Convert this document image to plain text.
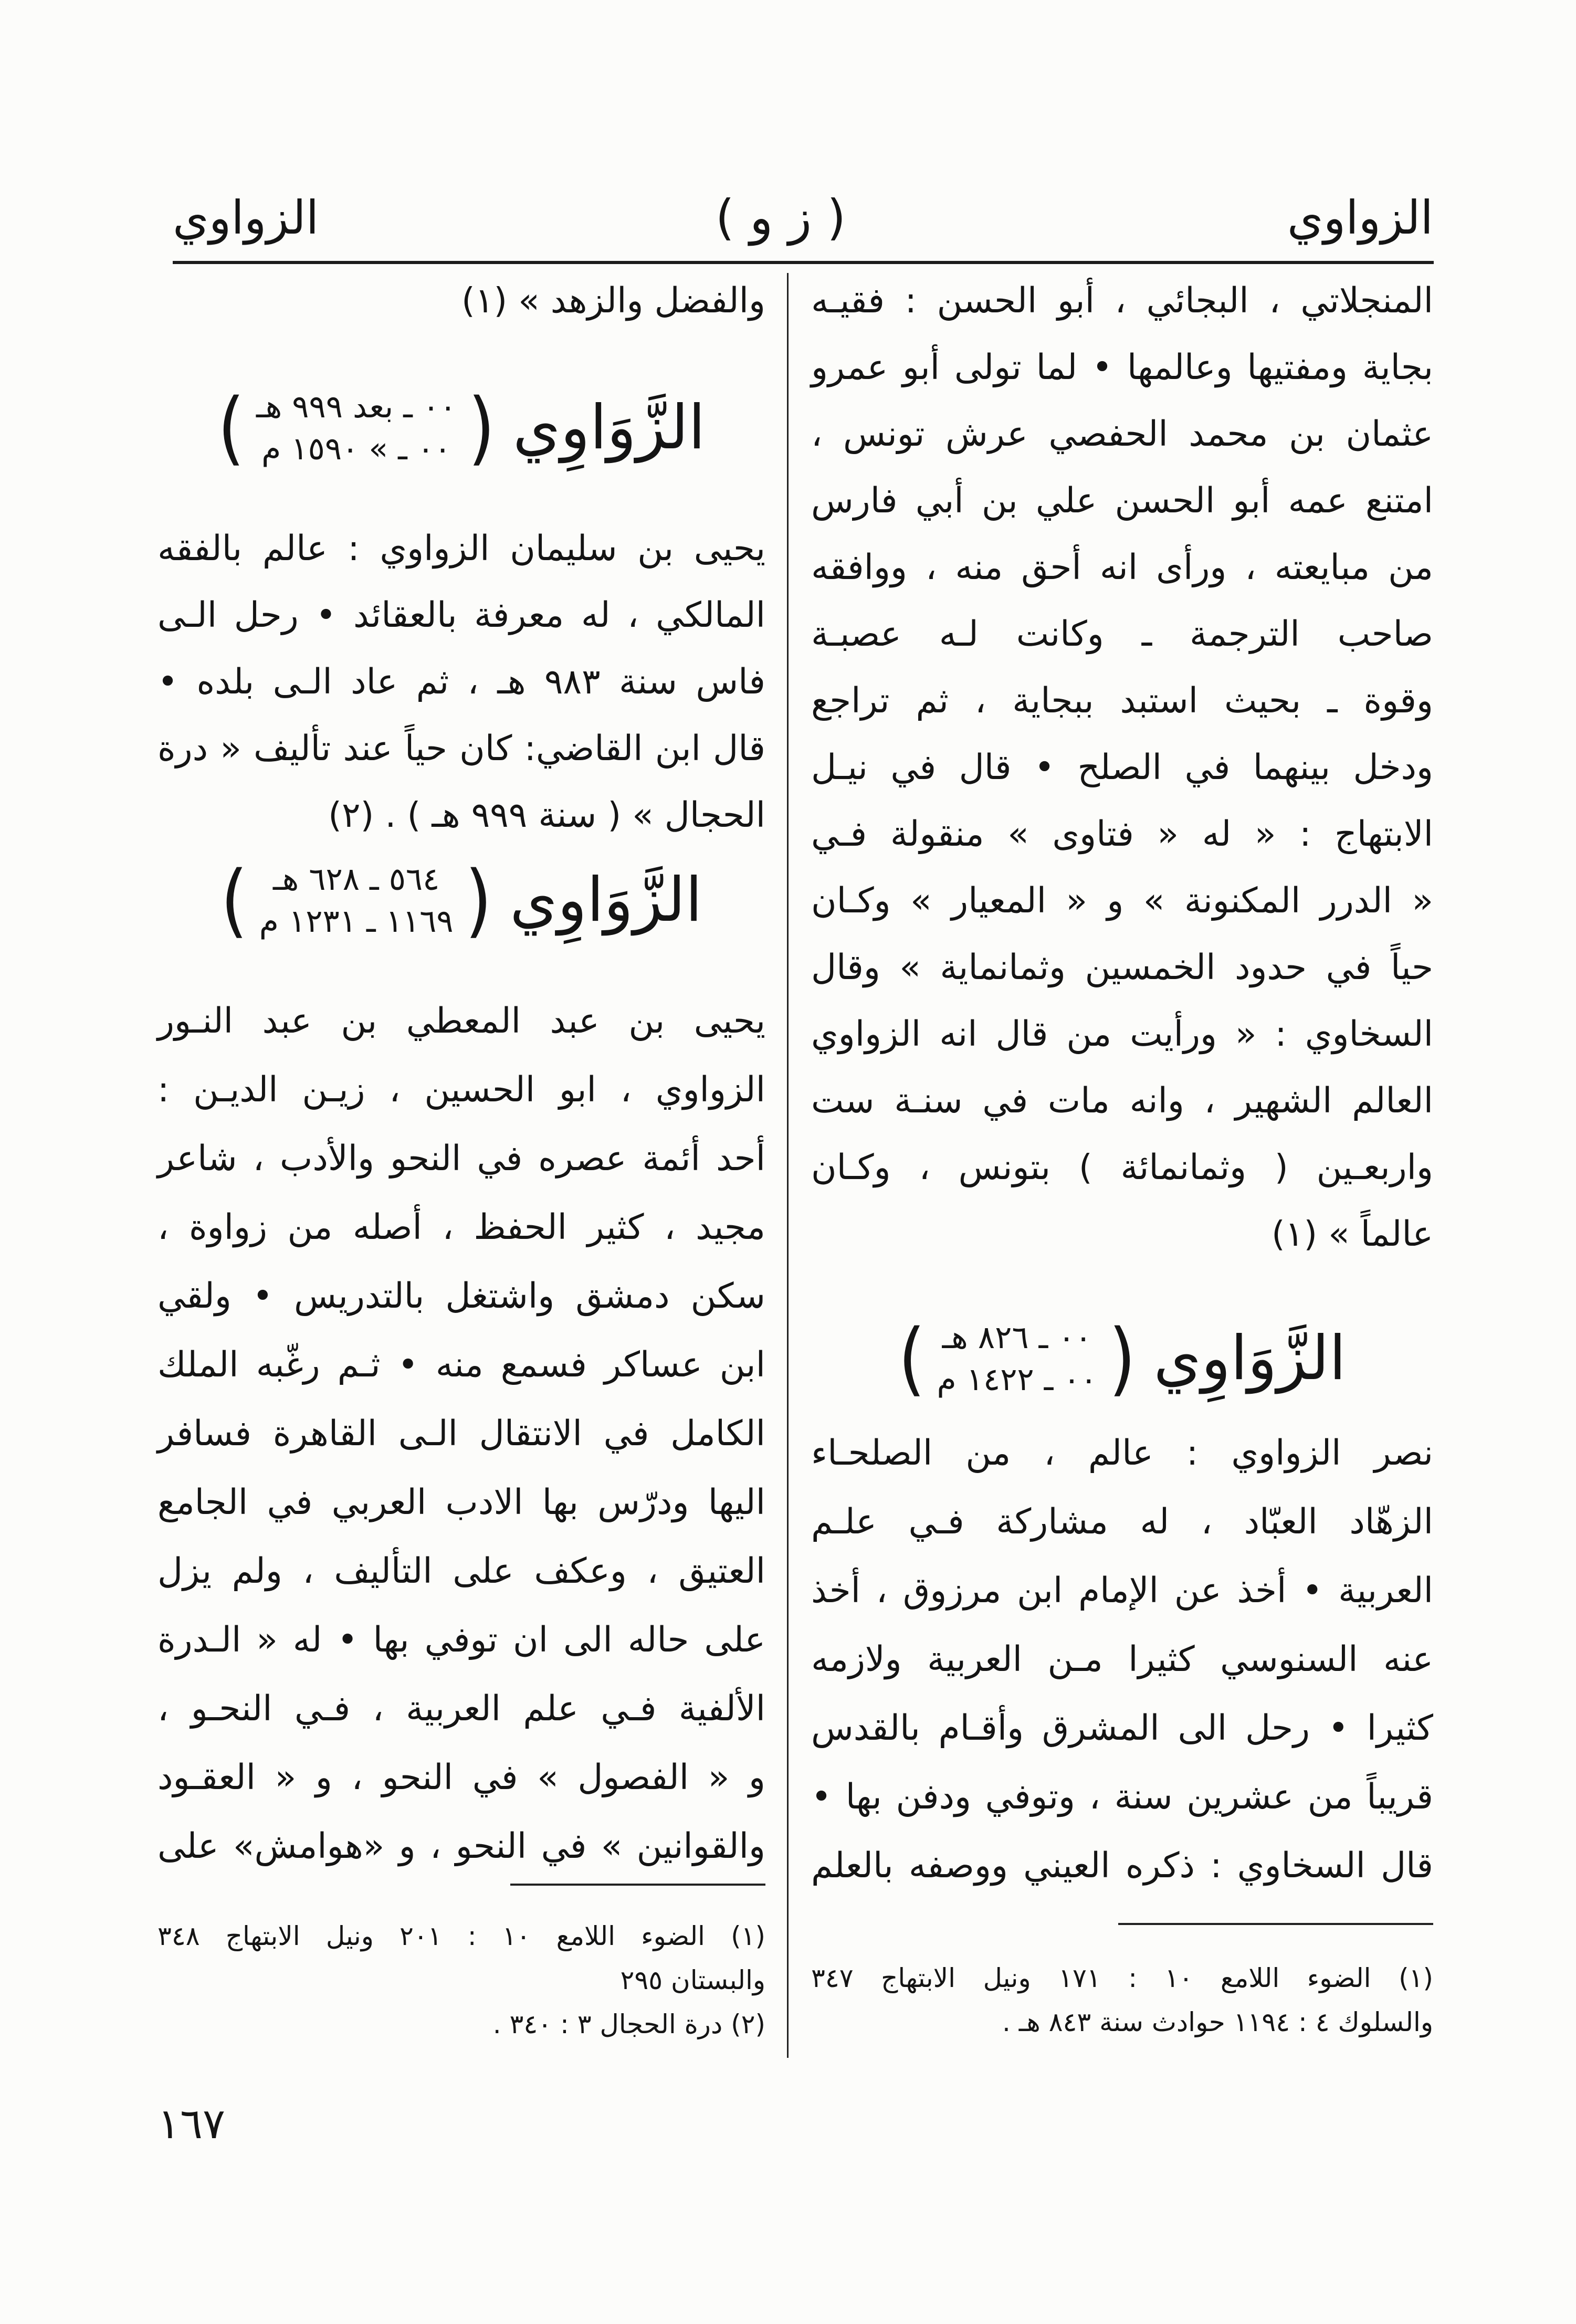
الزواوي
( ز و )
الزواوي
المنجلاتي ، البجائي ، أبو الحسن : فقيـه
بجاية ومفتيها وعالمها • لما تولى أبو عمرو
عثمان بن محمد الحفصي عرش تونس ،
امتنع عمه أبو الحسن علي بن أبي فارس
من مبايعته ، ورأى انه أحق منه ، ووافقه
صاحب الترجمة ـ وكانت لـه عصبـة
وقوة ـ بحيث استبد ببجاية ، ثم تراجع
ودخل بينهما في الصلح • قال في نيـل
الابتهاج : « له « فتاوى » منقولة فـي
« الدرر المكنونة » و « المعيار » وكـان
حياً في حدود الخمسين وثمانماية » وقال
السخاوي : « ورأيت من قال انه الزواوي
العالم الشهير ، وانه مات في سنـة ست
واربعـين ( وثمانمائة ) بتونس ، وكـان
عالماً » (١)
الزَّوَاوِي
(
٠٠ ـ ٨٢٦ هـ
٠٠ ـ ١٤٢٢ م
)
نصر الزواوي : عالم ، من الصلحـاء
الزهّاد العبّاد ، له مشاركة فـي علـم
العربية • أخذ عن الإمام ابن مرزوق ، أخذ
عنه السنوسي كثيرا مـن العربية ولازمه
كثيرا • رحل الى المشرق وأقـام بالقدس
قريباً من عشرين سنة ، وتوفي ودفن بها •
قال السخاوي : ذكره العيني ووصفه بالعلم
(١) الضوء اللامع ١٠ : ١٧١ ونيل الابتهاج ٣٤٧
والسلوك ٤ : ١١٩٤ حوادث سنة ٨٤٣ هـ .
والفضل والزهد » (١)
الزَّوَاوِي
(
٠٠ ـ بعد ٩٩٩ هـ
٠٠ ـ » ١٥٩٠ م
)
يحيى بن سليمان الزواوي : عالم بالفقه
المالكي ، له معرفة بالعقائد • رحل الـى
فاس سنة ٩٨٣ هـ ، ثم عاد الـى بلده •
قال ابن القاضي: كان حياً عند تأليف « درة
الحجال » ( سنة ٩٩٩ هـ ) . (٢)
الزَّوَاوِي
(
٥٦٤ ـ ٦٢٨ هـ
١١٦٩ ـ ١٢٣١ م
)
يحيى بن عبد المعطي بن عبد النـور
الزواوي ، ابو الحسين ، زيـن الديـن :
أحد أئمة عصره في النحو والأدب ، شاعر
مجيد ، كثير الحفظ ، أصله من زواوة ،
سكن دمشق واشتغل بالتدريس • ولقي
ابن عساكر فسمع منه • ثـم رغّبه الملك
الكامل في الانتقال الـى القاهرة فسافر
اليها ودرّس بها الادب العربي في الجامع
العتيق ، وعكف على التأليف ، ولم يزل
على حاله الى ان توفي بها • له « الـدرة
الألفية فـي علم العربية ، فـي النحـو ،
و « الفصول » في النحو ، و « العقـود
والقوانين » في النحو ، و «هوامش» على
(١) الضوء اللامع ١٠ : ٢٠١ ونيل الابتهاج ٣٤٨
والبستان ٢٩٥
(٢) درة الحجال ٣ : ٣٤٠ .
١٦٧
